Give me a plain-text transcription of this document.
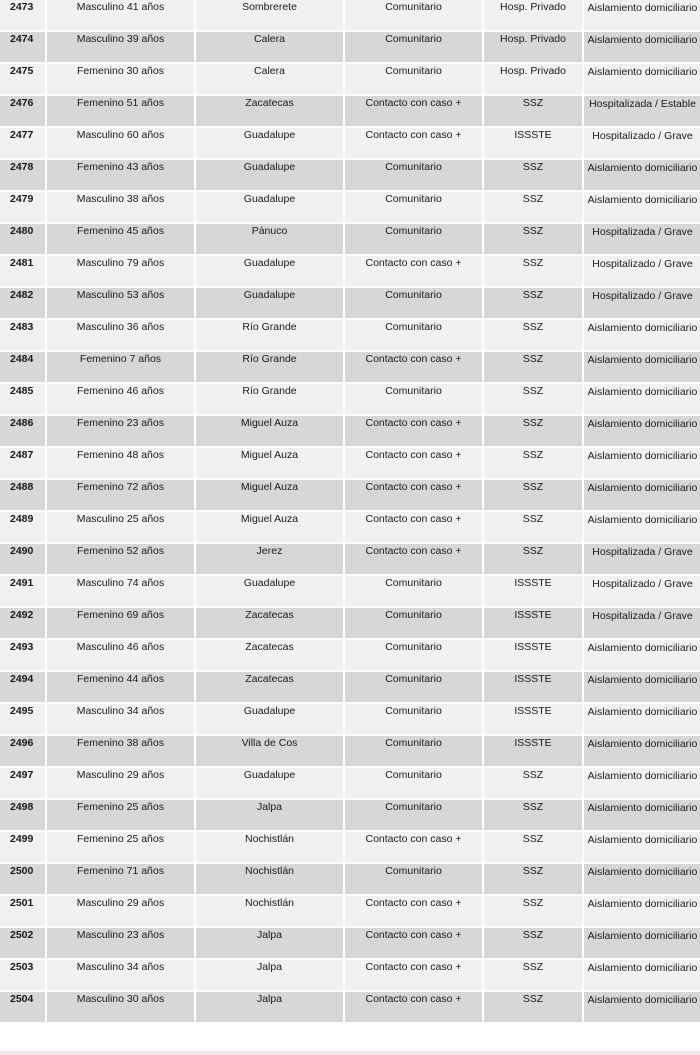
2473	Masculino 41 años	Sombrerete	Comunitario	Hosp. Privado	Aislamiento domiciliario
2474	Masculino 39 años	Calera	Comunitario	Hosp. Privado	Aislamiento domiciliario
2475	Femenino 30 años	Calera	Comunitario	Hosp. Privado	Aislamiento domiciliario
2476	Femenino 51 años	Zacatecas	Contacto con caso +	SSZ	Hospitalizada / Estable
2477	Masculino 60 años	Guadalupe	Contacto con caso +	ISSSTE	Hospitalizado / Grave
2478	Femenino 43 años	Guadalupe	Comunitario	SSZ	Aislamiento domiciliario
2479	Masculino 38 años	Guadalupe	Comunitario	SSZ	Aislamiento domiciliario
2480	Femenino 45 años	Pánuco	Comunitario	SSZ	Hospitalizada / Grave
2481	Masculino 79 años	Guadalupe	Contacto con caso +	SSZ	Hospitalizado / Grave
2482	Masculino 53 años	Guadalupe	Comunitario	SSZ	Hospitalizado / Grave
2483	Masculino 36 años	Río Grande	Comunitario	SSZ	Aislamiento domiciliario
2484	Femenino 7 años	Río Grande	Contacto con caso +	SSZ	Aislamiento domiciliario
2485	Femenino 46 años	Río Grande	Comunitario	SSZ	Aislamiento domiciliario
2486	Femenino 23 años	Miguel Auza	Contacto con caso +	SSZ	Aislamiento domiciliario
2487	Femenino 48 años	Miguel Auza	Contacto con caso +	SSZ	Aislamiento domiciliario
2488	Femenino 72 años	Miguel Auza	Contacto con caso +	SSZ	Aislamiento domiciliario
2489	Masculino 25 años	Miguel Auza	Contacto con caso +	SSZ	Aislamiento domiciliario
2490	Femenino 52 años	Jerez	Contacto con caso +	SSZ	Hospitalizada / Grave
2491	Masculino 74 años	Guadalupe	Comunitario	ISSSTE	Hospitalizado / Grave
2492	Femenino 69 años	Zacatecas	Comunitario	ISSSTE	Hospitalizada / Grave
2493	Masculino 46 años	Zacatecas	Comunitario	ISSSTE	Aislamiento domiciliario
2494	Femenino 44 años	Zacatecas	Comunitario	ISSSTE	Aislamiento domiciliario
2495	Masculino 34 años	Guadalupe	Comunitario	ISSSTE	Aislamiento domiciliario
2496	Femenino 38 años	Villa de Cos	Comunitario	ISSSTE	Aislamiento domiciliario
2497	Masculino 29 años	Guadalupe	Comunitario	SSZ	Aislamiento domiciliario
2498	Femenino 25 años	Jalpa	Comunitario	SSZ	Aislamiento domiciliario
2499	Femenino 25 años	Nochistlán	Contacto con caso +	SSZ	Aislamiento domiciliario
2500	Femenino 71 años	Nochistlán	Comunitario	SSZ	Aislamiento domiciliario
2501	Masculino 29 años	Nochistlán	Contacto con caso +	SSZ	Aislamiento domiciliario
2502	Masculino 23 años	Jalpa	Contacto con caso +	SSZ	Aislamiento domiciliario
2503	Masculino 34 años	Jalpa	Contacto con caso +	SSZ	Aislamiento domiciliario
2504	Masculino 30 años	Jalpa	Contacto con caso +	SSZ	Aislamiento domiciliario
